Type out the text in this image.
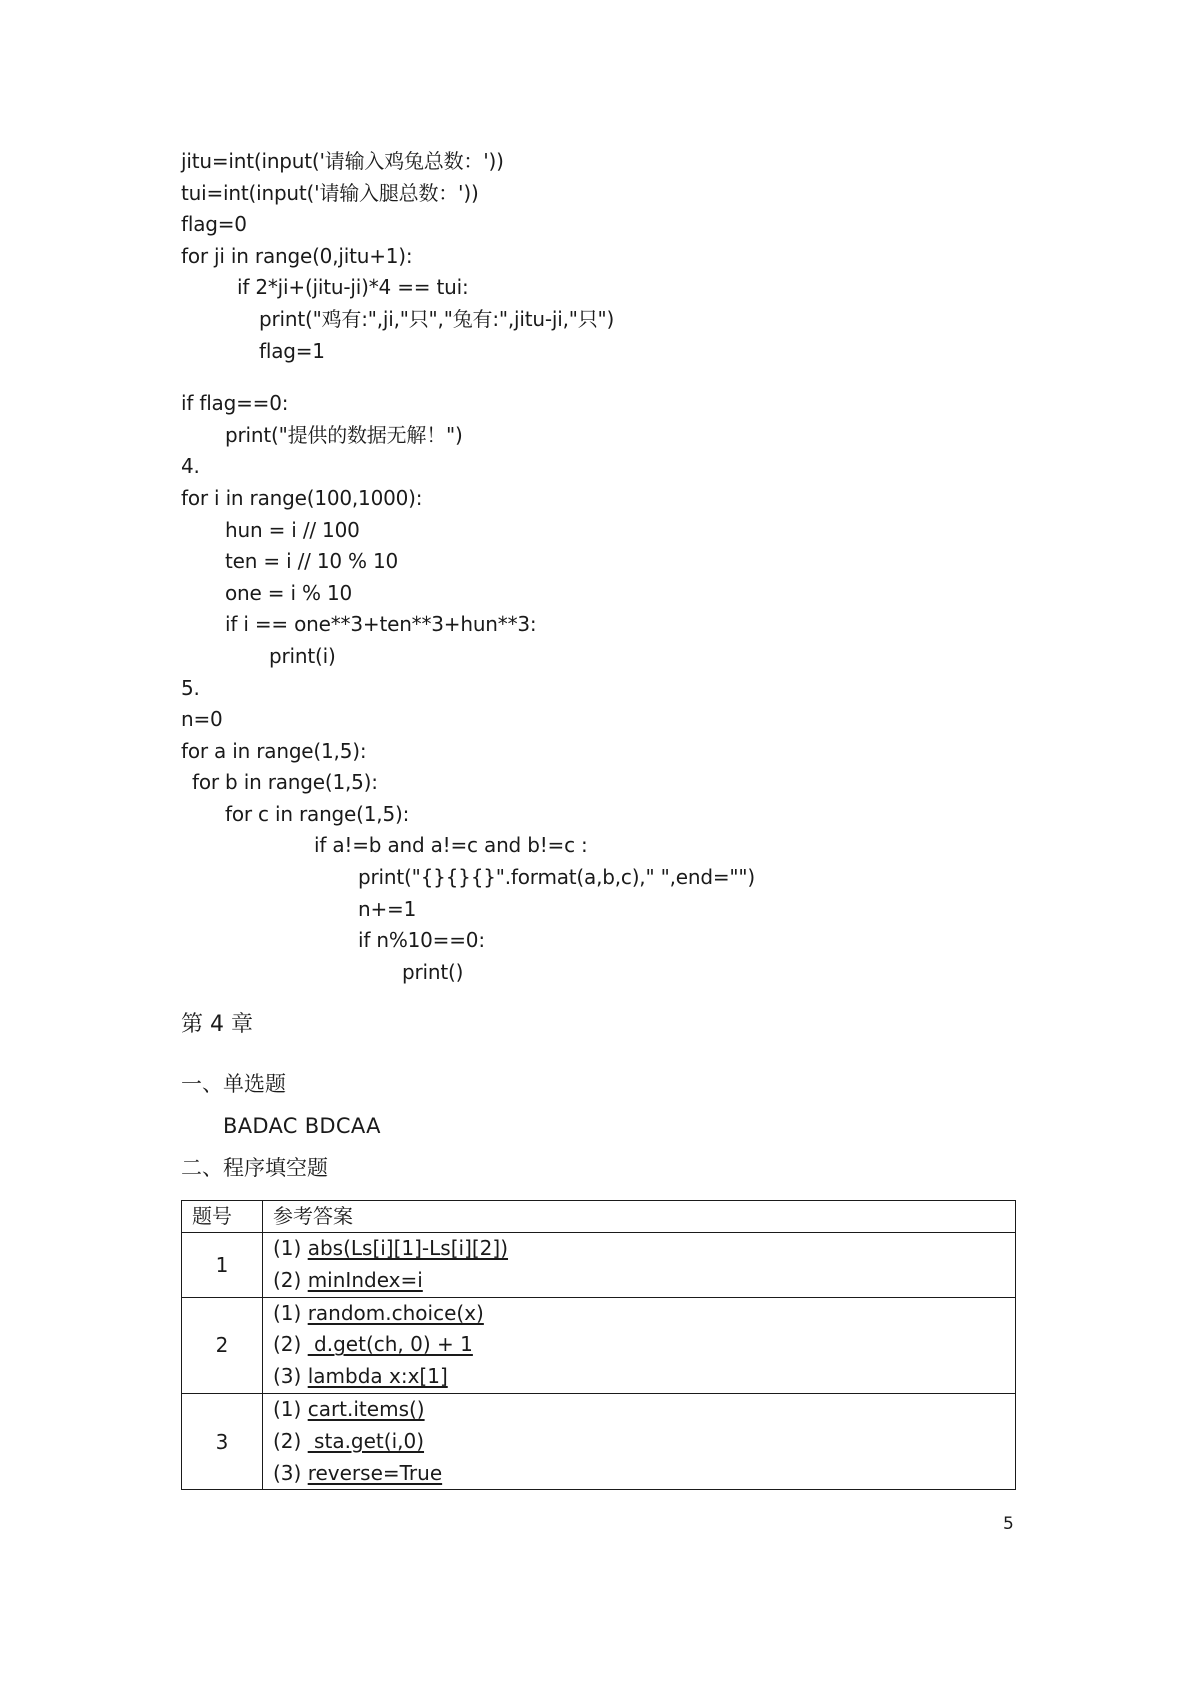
jitu=int(input('请输入鸡兔总数：'))
tui=int(input('请输入腿总数：'))
flag=0
for ji in range(0,jitu+1):
if 2*ji+(jitu-ji)*4 == tui:
print("鸡有:",ji,"只","兔有:",jitu-ji,"只")
flag=1
if flag==0:
print("提供的数据无解！")
4.
for i in range(100,1000):
hun = i // 100
ten = i // 10 % 10
one = i % 10
if i == one**3+ten**3+hun**3:
print(i)
5.
n=0
for a in range(1,5):
for b in range(1,5):
for c in range(1,5):
if a!=b and a!=c and b!=c :
print("{}{}{}".format(a,b,c)," ",end="")
n+=1
if n%10==0:
print()
第 4 章
一、单选题
BADAC BDCAA
二、程序填空题
题号	参考答案
1	(1) abs(Ls[i][1]-Ls[i][2])
(2) minIndex=i

2	(1) random.choice(x)
(2)  d.get(ch, 0) + 1
(3) lambda x:x[1]

3	(1) cart.items()
(2)  sta.get(i,0)
(3) reverse=True
5
